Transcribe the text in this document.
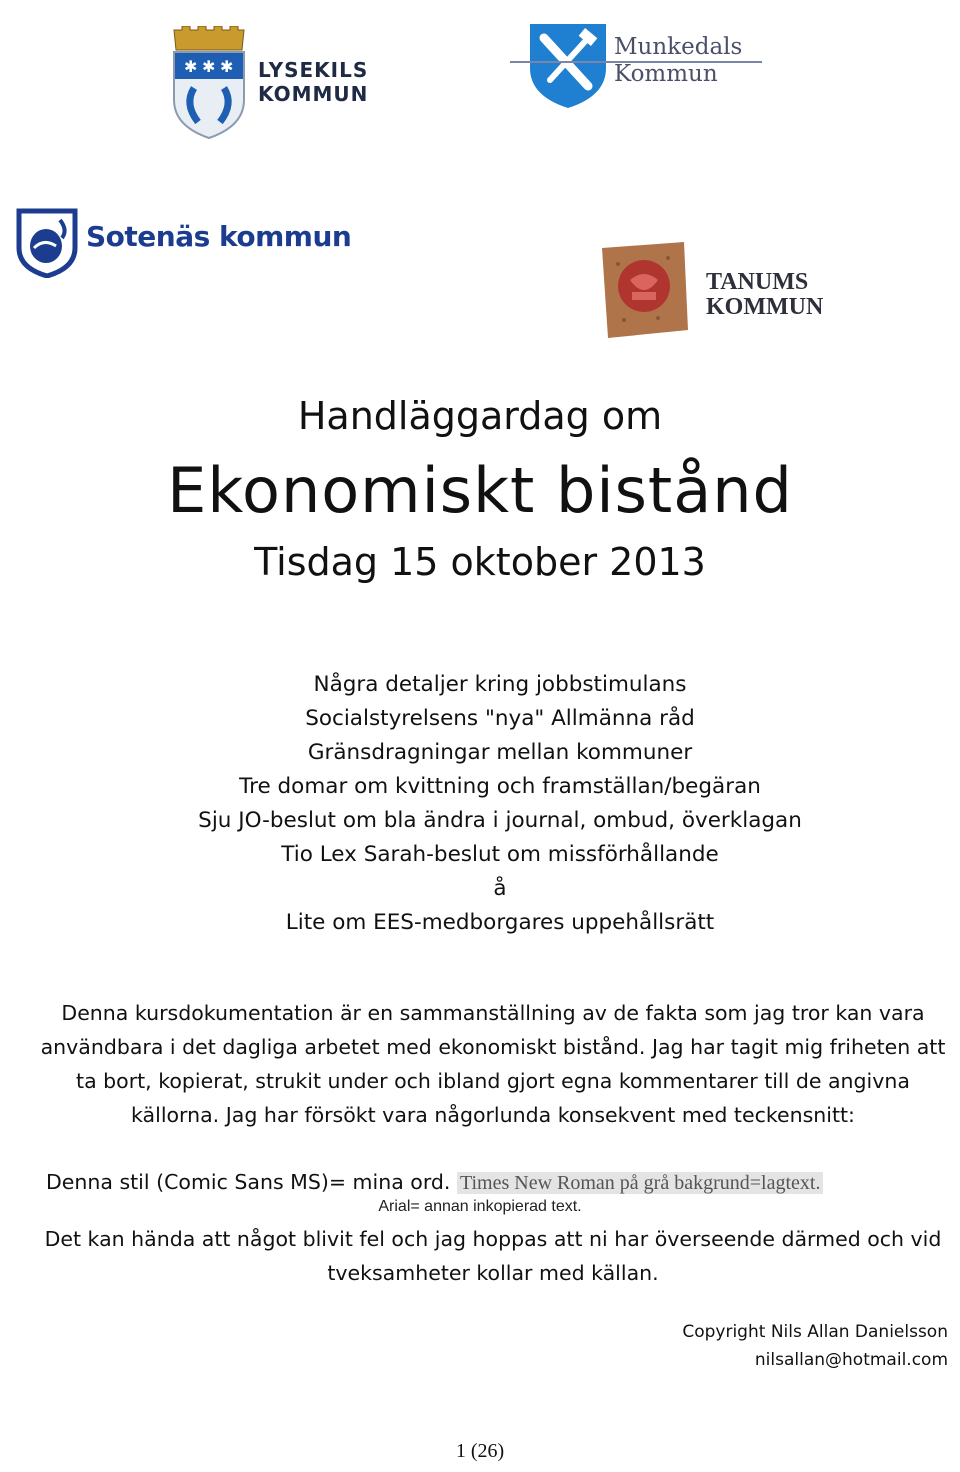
✱ ✱ ✱ LYSEKILS
KOMMUN
Munkedals
Kommun
Sotenäs kommun
TANUMS
KOMMUN
Handläggardag om
Ekonomiskt bistånd
Tisdag 15 oktober 2013
Några detaljer kring jobbstimulans
Socialstyrelsens "nya" Allmänna råd
Gränsdragningar mellan kommuner
Tre domar om kvittning och framställan/begäran
Sju JO-beslut om bla ändra i journal, ombud, överklagan
Tio Lex Sarah-beslut om missförhållande
å
Lite om EES-medborgares uppehållsrätt
Denna kursdokumentation är en sammanställning av de fakta som jag tror kan vara användbara i det dagliga arbetet med ekonomiskt bistånd. Jag har tagit mig friheten att ta bort, kopierat, strukit under och ibland gjort egna kommentarer till de angivna källorna. Jag har försökt vara någorlunda konsekvent med teckensnitt:
Denna stil (Comic Sans MS)= mina ord. Times New Roman på grå bakgrund=lagtext.
Arial= annan inkopierad text.
Det kan hända att något blivit fel och jag hoppas att ni har överseende därmed och vid tveksamheter kollar med källan.
Copyright Nils Allan Danielsson
nilsallan@hotmail.com
1 (26)
